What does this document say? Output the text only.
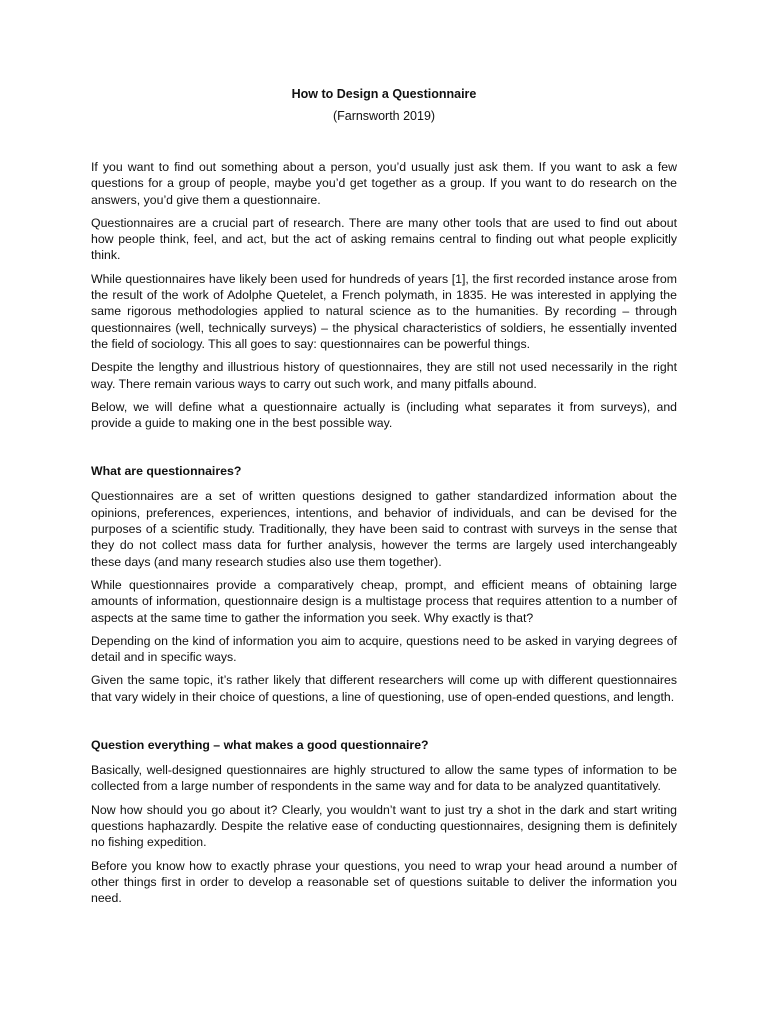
How to Design a Questionnaire
(Farnsworth 2019)

If you want to find out something about a person, you’d usually just ask them. If you want to ask a few questions for a group of people, maybe you’d get together as a group. If you want to do research on the answers, you’d give them a questionnaire.

Questionnaires are a crucial part of research. There are many other tools that are used to find out about how people think, feel, and act, but the act of asking remains central to finding out what people explicitly think.

While questionnaires have likely been used for hundreds of years [1], the first recorded instance arose from the result of the work of Adolphe Quetelet, a French polymath, in 1835. He was interested in applying the same rigorous methodologies applied to natural science as to the humanities. By recording – through questionnaires (well, technically surveys) – the physical characteristics of soldiers, he essentially invented the field of sociology. This all goes to say: questionnaires can be powerful things.

Despite the lengthy and illustrious history of questionnaires, they are still not used necessarily in the right way. There remain various ways to carry out such work, and many pitfalls abound.

Below, we will define what a questionnaire actually is (including what separates it from surveys), and provide a guide to making one in the best possible way.

What are questionnaires?

Questionnaires are a set of written questions designed to gather standardized information about the opinions, preferences, experiences, intentions, and behavior of individuals, and can be devised for the purposes of a scientific study. Traditionally, they have been said to contrast with surveys in the sense that they do not collect mass data for further analysis, however the terms are largely used interchangeably these days (and many research studies also use them together).

While questionnaires provide a comparatively cheap, prompt, and efficient means of obtaining large amounts of information, questionnaire design is a multistage process that requires attention to a number of aspects at the same time to gather the information you seek. Why exactly is that?

Depending on the kind of information you aim to acquire, questions need to be asked in varying degrees of detail and in specific ways.

Given the same topic, it’s rather likely that different researchers will come up with different questionnaires that vary widely in their choice of questions, a line of questioning, use of open-ended questions, and length.

Question everything – what makes a good questionnaire?

Basically, well-designed questionnaires are highly structured to allow the same types of information to be collected from a large number of respondents in the same way and for data to be analyzed quantitatively.

Now how should you go about it? Clearly, you wouldn’t want to just try a shot in the dark and start writing questions haphazardly. Despite the relative ease of conducting questionnaires, designing them is definitely no fishing expedition.

Before you know how to exactly phrase your questions, you need to wrap your head around a number of other things first in order to develop a reasonable set of questions suitable to deliver the information you need.
